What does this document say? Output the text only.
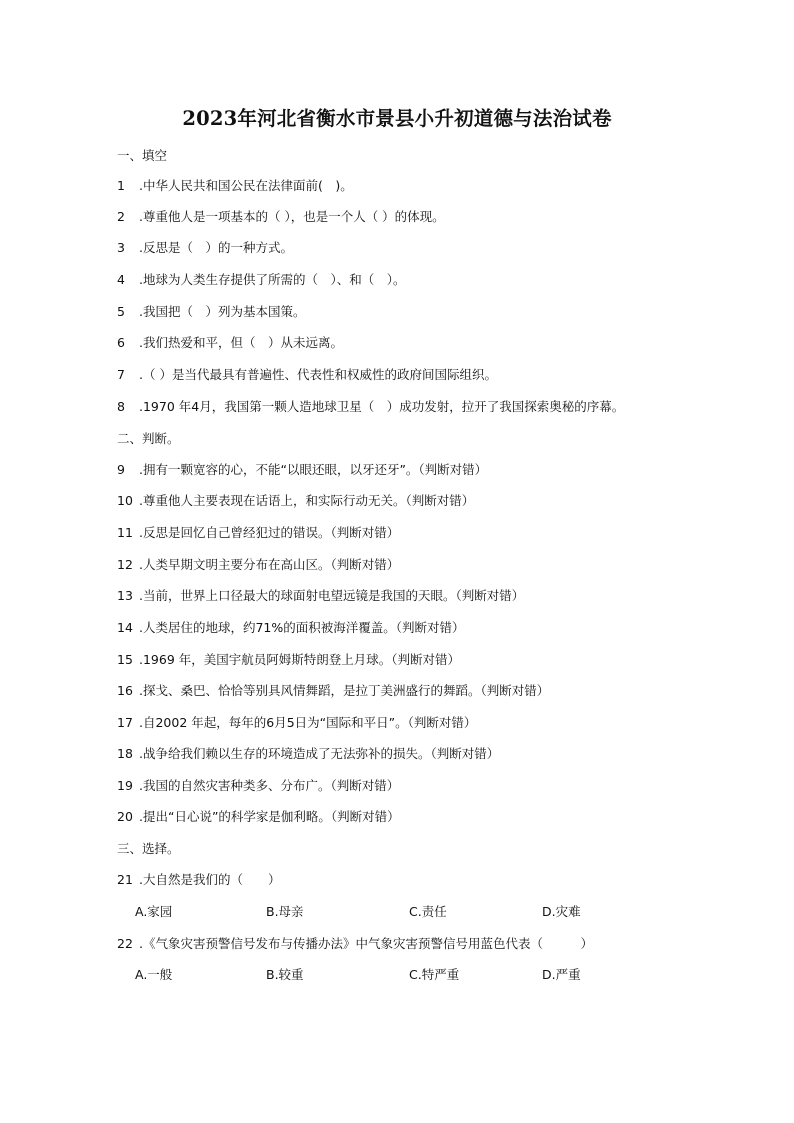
2023年河北省衡水市景县小升初道德与法治试卷
一、填空
1 .中华人民共和国公民在法律面前(　)。
2 .尊重他人是一项基本的（ ），也是一个人（ ）的体现。
3 .反思是（　）的一种方式。
4 .地球为人类生存提供了所需的（　）、和（　）。
5 .我国把（　）列为基本国策。
6 .我们热爱和平，但（　）从未远离。
7 .（ ）是当代最具有普遍性、代表性和权威性的政府间国际组织。
8 .1970 年4月，我国第一颗人造地球卫星（　）成功发射，拉开了我国探索奥秘的序幕。
二、判断。
9 .拥有一颗宽容的心，不能“以眼还眼，以牙还牙”。（判断对错）
10 .尊重他人主要表现在话语上，和实际行动无关。（判断对错）
11 .反思是回忆自己曾经犯过的错误。（判断对错）
12 .人类早期文明主要分布在高山区。（判断对错）
13 .当前，世界上口径最大的球面射电望远镜是我国的天眼。（判断对错）
14 .人类居住的地球，约71%的面积被海洋覆盖。（判断对错）
15 .1969 年，美国宇航员阿姆斯特朗登上月球。（判断对错）
16 .探戈、桑巴、恰恰等别具风情舞蹈，是拉丁美洲盛行的舞蹈。（判断对错）
17 .自2002 年起，每年的6月5日为“国际和平日”。（判断对错）
18 .战争给我们赖以生存的环境造成了无法弥补的损失。（判断对错）
19 .我国的自然灾害种类多、分布广。（判断对错）
20 .提出“日心说”的科学家是伽利略。（判断对错）
三、选择。
21 .大自然是我们的（　　）
A.家园	B.母亲	C.责任	D.灾难
22 .《气象灾害预警信号发布与传播办法》中气象灾害预警信号用蓝色代表（　　　）
A.一般	B.较重	C.特严重	D.严重
